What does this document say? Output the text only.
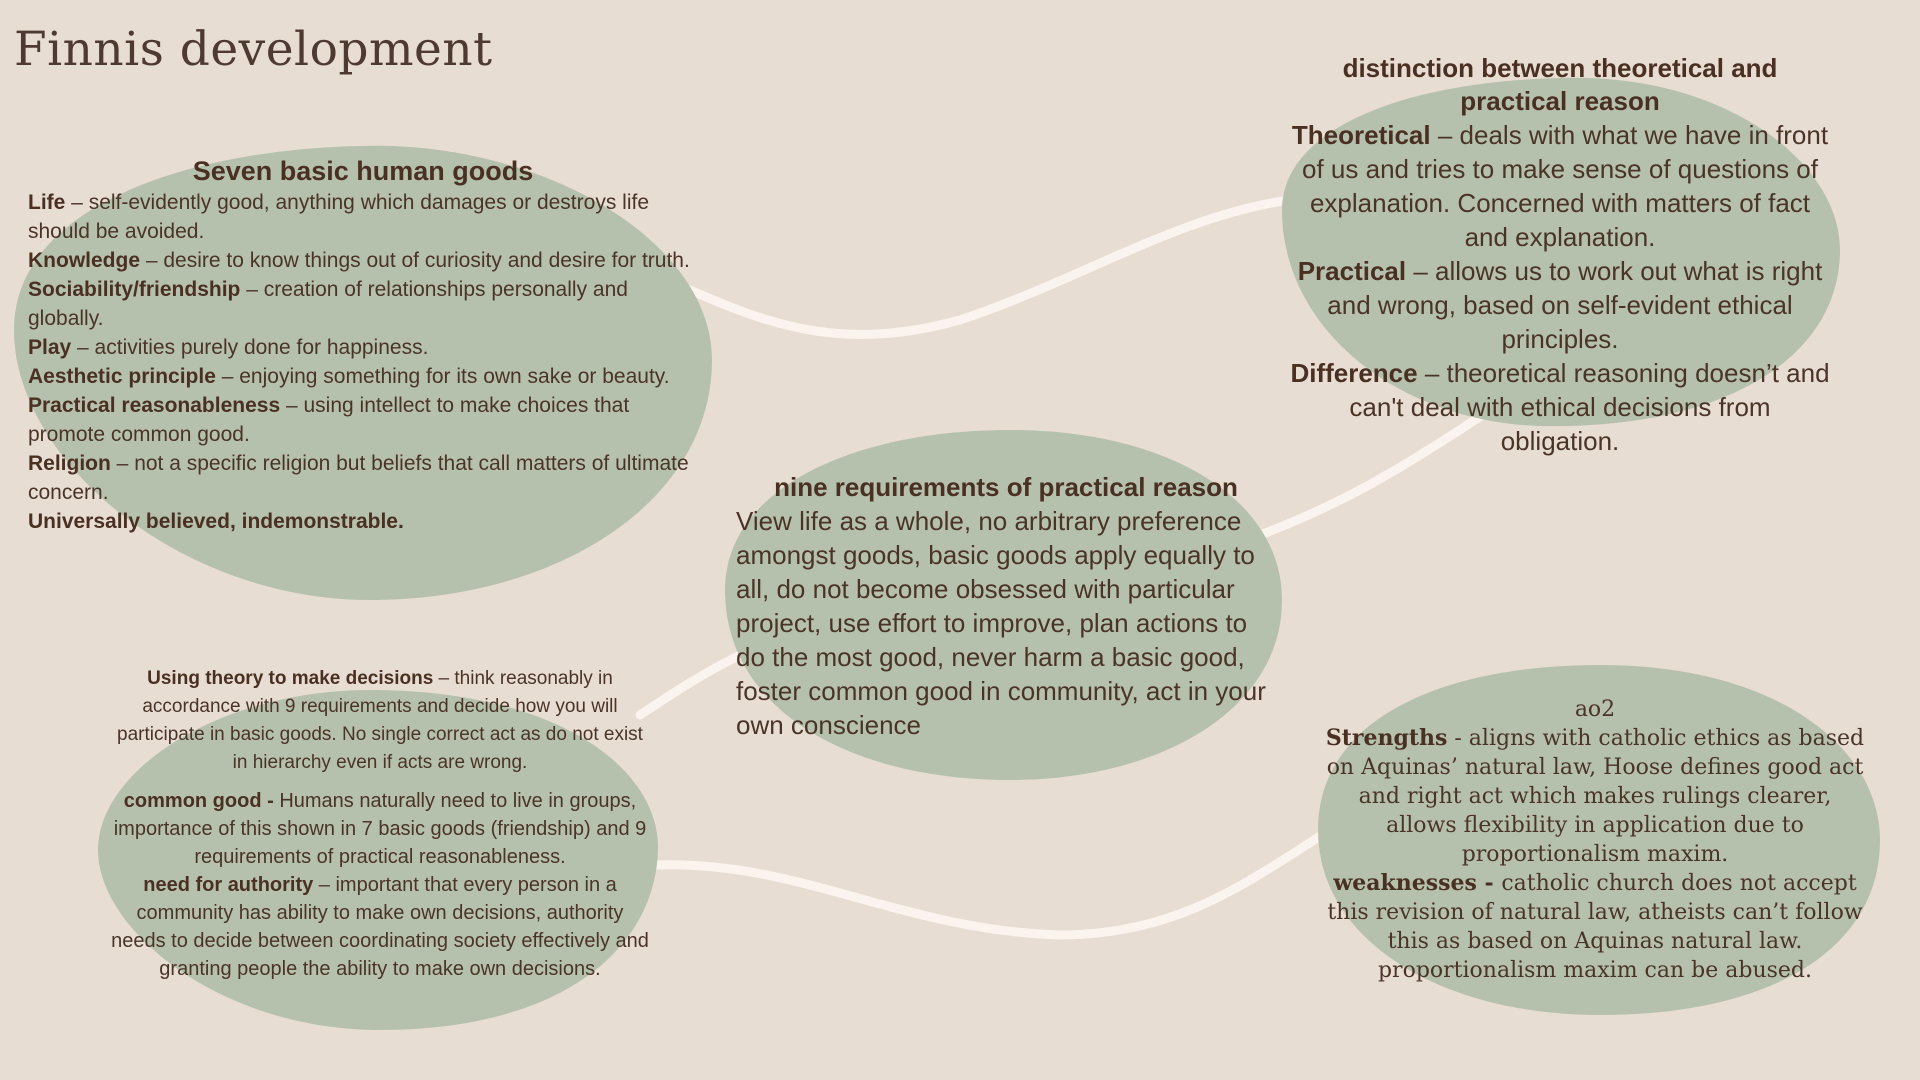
Finnis development
Seven basic human goods

Life – self-evidently good, anything which damages or destroys life should be avoided.

Knowledge – desire to know things out of curiosity and desire for truth.

Sociability/friendship – creation of relationships personally and globally.

Play – activities purely done for happiness.

Aesthetic principle – enjoying something for its own sake or beauty.

Practical reasonableness – using intellect to make choices that promote common good.

Religion – not a specific religion but beliefs that call matters of ultimate concern.

Universally believed, indemonstrable.

distinction between theoretical and practical reason

Theoretical – deals with what we have in front of us and tries to make sense of questions of explanation. Concerned with matters of fact and explanation.

Practical – allows us to work out what is right and wrong, based on self-evident ethical principles.

Difference – theoretical reasoning doesn’t and can't deal with ethical decisions from obligation.

nine requirements of practical reason

View life as a whole, no arbitrary preference amongst goods, basic goods apply equally to all, do not become obsessed with particular project, use effort to improve, plan actions to do the most good, never harm a basic good, foster common good in community, act in your own conscience

Using theory to make decisions – think reasonably in accordance with 9 requirements and decide how you will participate in basic goods. No single correct act as do not exist in hierarchy even if acts are wrong.

common good - Humans naturally need to live in groups, importance of this shown in 7 basic goods (friendship) and 9 requirements of practical reasonableness.

need for authority – important that every person in a community has ability to make own decisions, authority needs to decide between coordinating society effectively and granting people the ability to make own decisions.

ao2

Strengths - aligns with catholic ethics as based on Aquinas’ natural law, Hoose defines good act and right act which makes rulings clearer, allows flexibility in application due to proportionalism maxim.

weaknesses - catholic church does not accept this revision of natural law, atheists can’t follow this as based on Aquinas natural law. proportionalism maxim can be abused.
